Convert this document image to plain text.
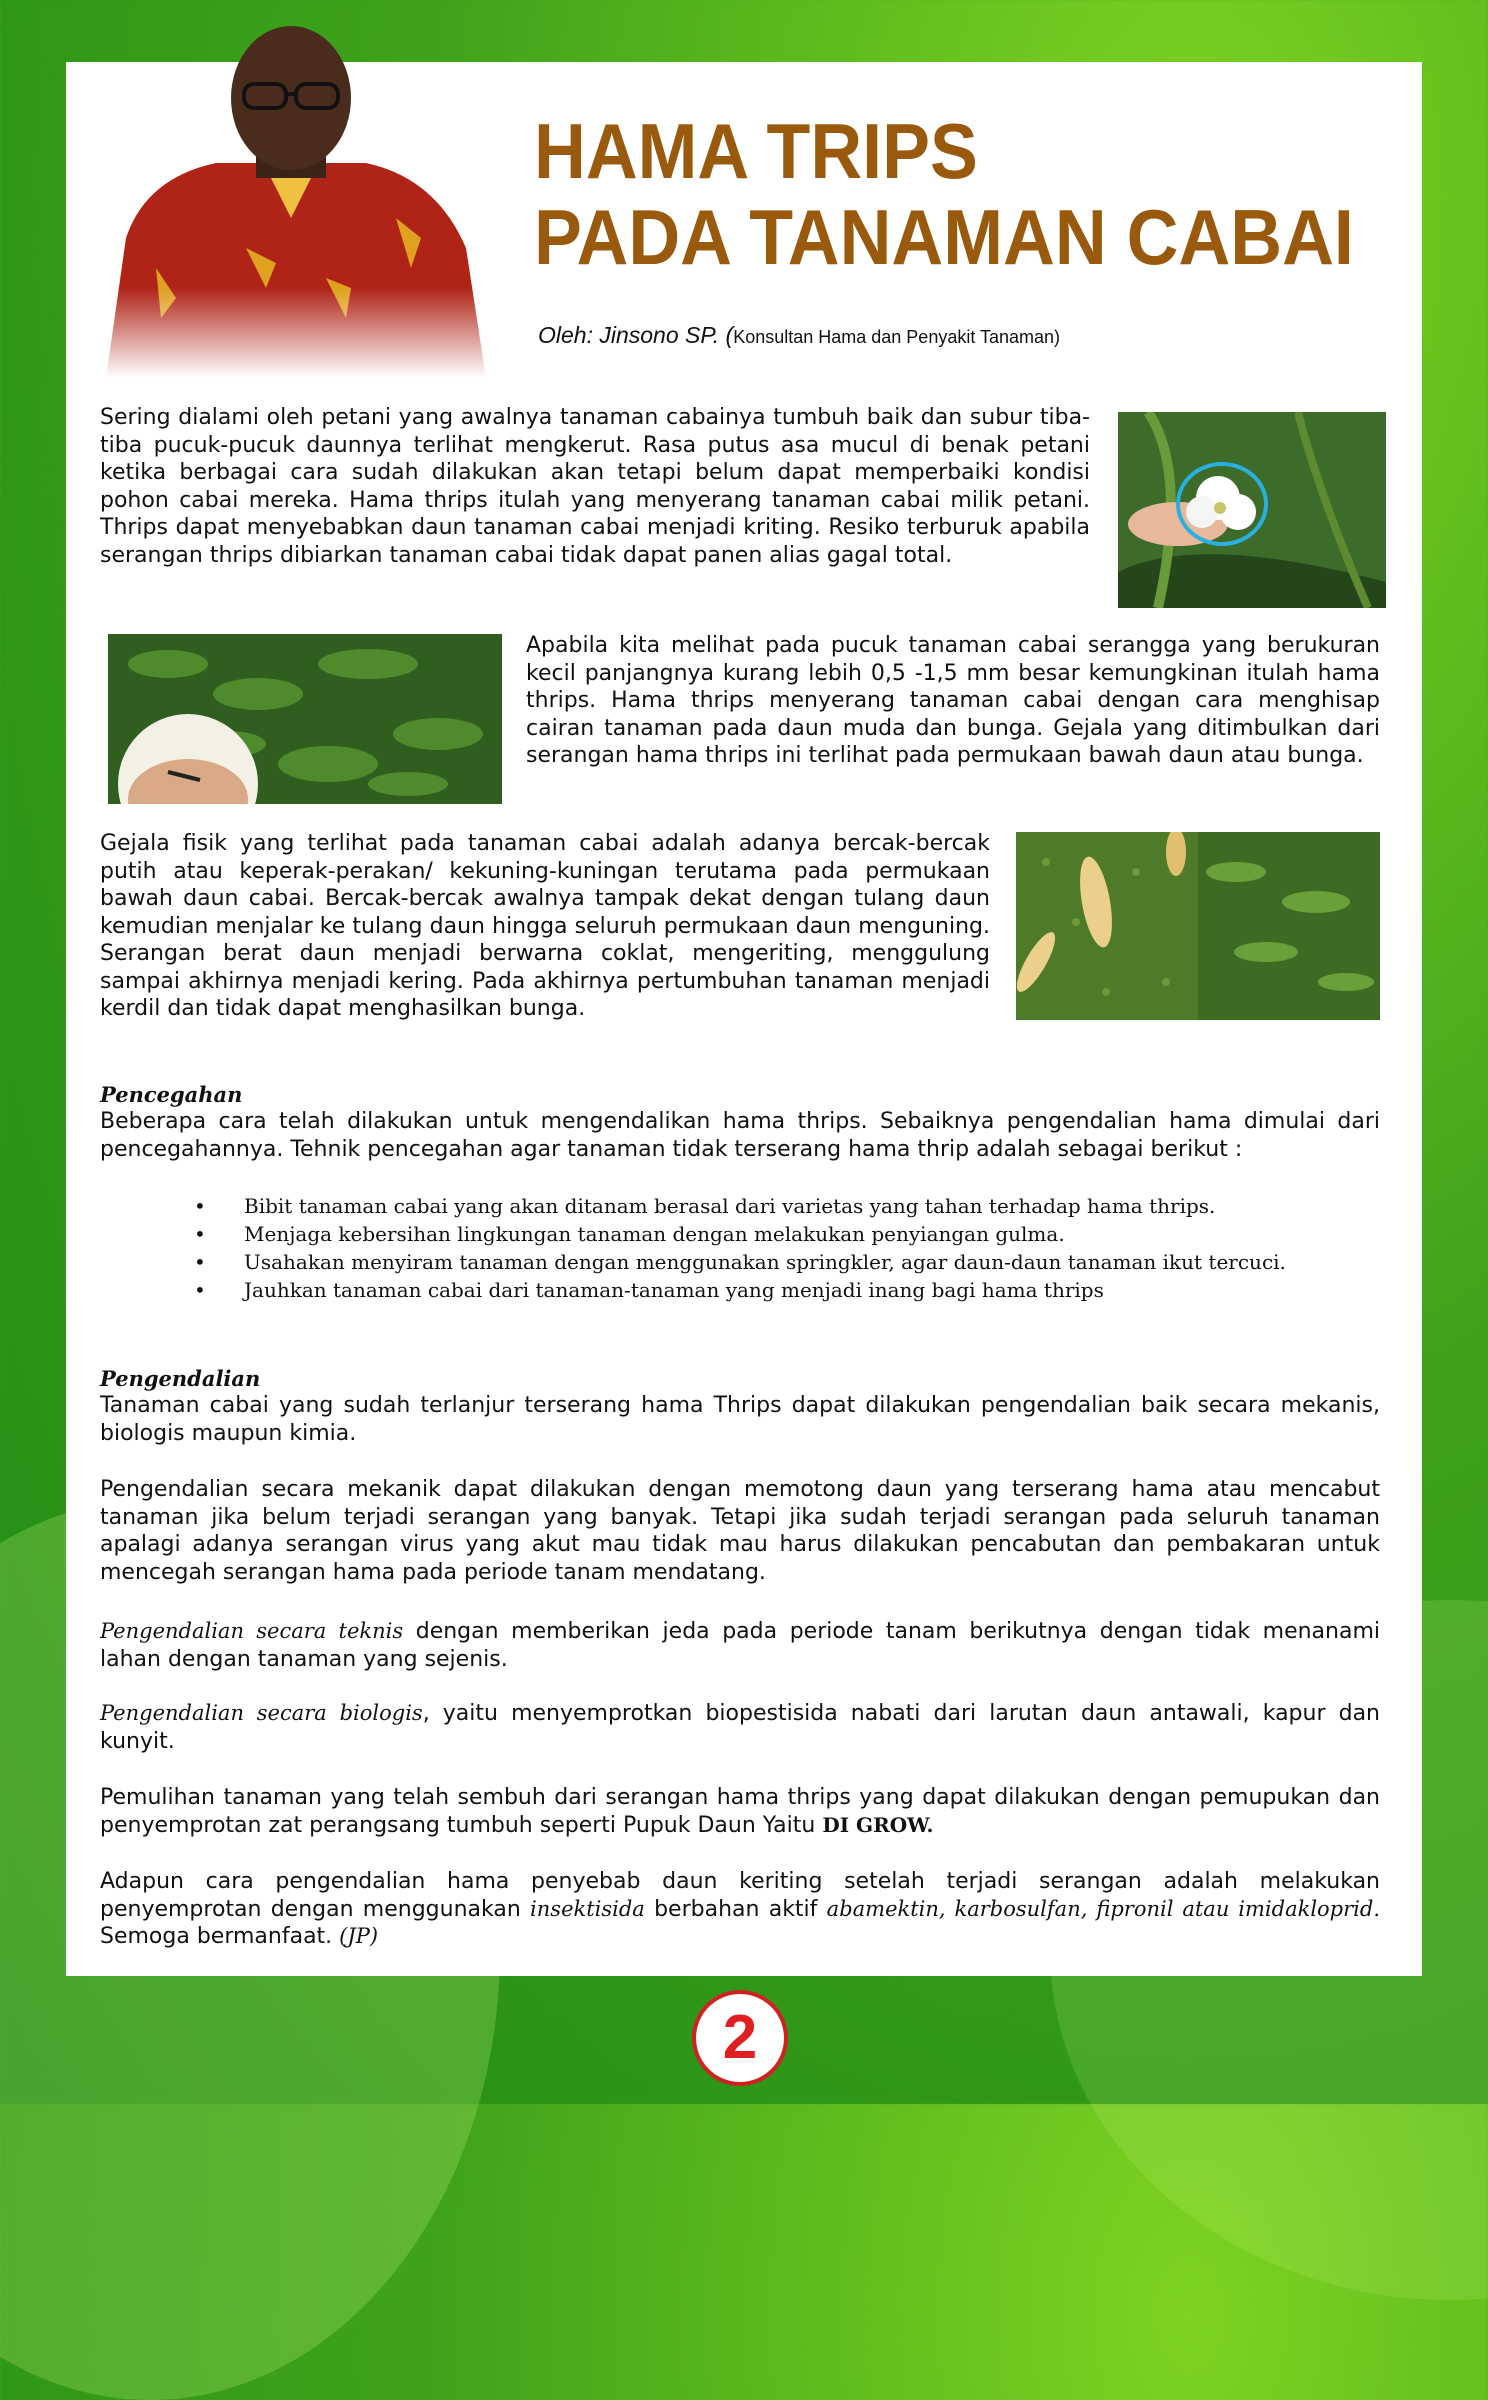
HAMA TRIPS
PADA TANAMAN CABAI
Oleh: Jinsono SP. (Konsultan Hama dan Penyakit Tanaman)

Sering dialami oleh petani yang awalnya tanaman cabainya tumbuh baik dan subur tiba-tiba pucuk-pucuk daunnya terlihat mengkerut. Rasa putus asa mucul di benak petani ketika berbagai cara sudah dilakukan akan tetapi belum dapat memperbaiki kondisi pohon cabai mereka. Hama thrips itulah yang menyerang tanaman cabai milik petani. Thrips dapat menyebabkan daun tanaman cabai menjadi kriting. Resiko terburuk apabila serangan thrips dibiarkan tanaman cabai tidak dapat panen alias gagal total.

Apabila kita melihat pada pucuk tanaman cabai serangga yang berukuran kecil panjangnya kurang lebih 0,5 -1,5 mm besar kemungkinan itulah hama thrips. Hama thrips menyerang tanaman cabai dengan cara menghisap cairan tanaman pada daun muda dan bunga. Gejala yang ditimbulkan dari serangan hama thrips ini terlihat pada permukaan bawah daun atau bunga.

Gejala fisik yang terlihat pada tanaman cabai adalah adanya bercak-bercak putih atau keperak-perakan/ kekuning-kuningan terutama pada permukaan bawah daun cabai. Bercak-bercak awalnya tampak dekat dengan tulang daun kemudian menjalar ke tulang daun hingga seluruh permukaan daun menguning. Serangan berat daun menjadi berwarna coklat, mengeriting, menggulung sampai akhirnya menjadi kering. Pada akhirnya pertumbuhan tanaman menjadi kerdil dan tidak dapat menghasilkan bunga.

Pencegahan

Beberapa cara telah dilakukan untuk mengendalikan hama thrips. Sebaiknya pengendalian hama dimulai dari pencegahannya. Tehnik pencegahan agar tanaman tidak terserang hama thrip adalah sebagai berikut :

• Bibit tanaman cabai yang akan ditanam berasal dari varietas yang tahan terhadap hama thrips.
• Menjaga kebersihan lingkungan tanaman dengan melakukan penyiangan gulma.
• Usahakan menyiram tanaman dengan menggunakan springkler, agar daun-daun tanaman ikut tercuci.
• Jauhkan tanaman cabai dari tanaman-tanaman yang menjadi inang bagi hama thrips
Pengendalian

Tanaman cabai yang sudah terlanjur terserang hama Thrips dapat dilakukan pengendalian baik secara mekanis, biologis maupun kimia.

Pengendalian secara mekanik dapat dilakukan dengan memotong daun yang terserang hama atau mencabut tanaman jika belum terjadi serangan yang banyak. Tetapi jika sudah terjadi serangan pada seluruh tanaman apalagi adanya serangan virus yang akut mau tidak mau harus dilakukan pencabutan dan pembakaran untuk mencegah serangan hama pada periode tanam mendatang.

Pengendalian secara teknis dengan memberikan jeda pada periode tanam berikutnya dengan tidak menanami lahan dengan tanaman yang sejenis.

Pengendalian secara biologis, yaitu menyemprotkan biopestisida nabati dari larutan daun antawali, kapur dan kunyit.

Pemulihan tanaman yang telah sembuh dari serangan hama thrips yang dapat dilakukan dengan pemupukan dan penyemprotan zat perangsang tumbuh seperti Pupuk Daun Yaitu DI GROW.

Adapun cara pengendalian hama penyebab daun keriting setelah terjadi serangan adalah melakukan penyemprotan dengan menggunakan insektisida berbahan aktif abamektin, karbosulfan, fipronil atau imidakloprid. Semoga bermanfaat. (JP)

2
